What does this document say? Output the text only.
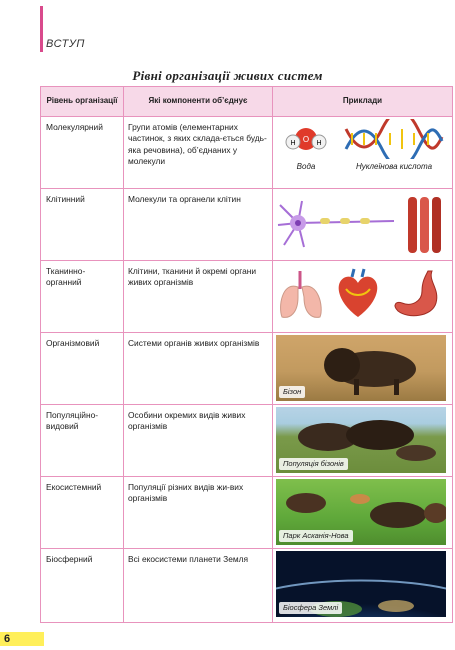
ВСТУП
Рівні організації живих систем
Рівень організації	Які компоненти об’єднує	Приклади
Молекулярний	Групи атомів (елементарних частинок, з яких склада-ється будь-яка речовина), об’єднаних у молекули	H O H
Вода Нуклеїнова кислота

Клітинний	Молекули та органели клітин	

Тканинно-органний	Клітини, тканини й окремі органи живих організмів	

Організмовий	Системи органів живих організмів	Бізон

Популяційно-видовий	Особини окремих видів живих організмів	Популяція бізонів

Екосистемний	Популяції різних видів жи-вих організмів	Парк Асканія-Нова

Біосферний	Всі екосистеми планети Земля	Біосфера Землі
6
